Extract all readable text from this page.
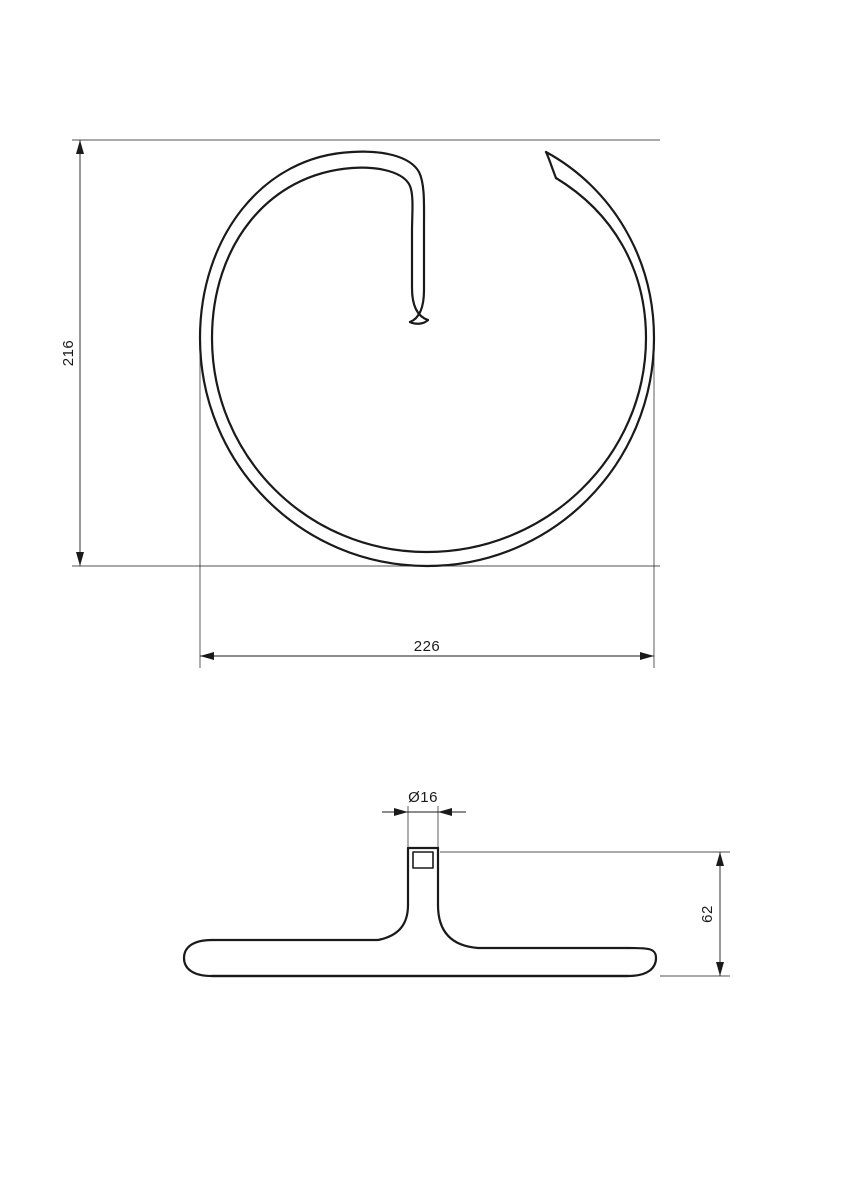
216
226
Ø16
62
